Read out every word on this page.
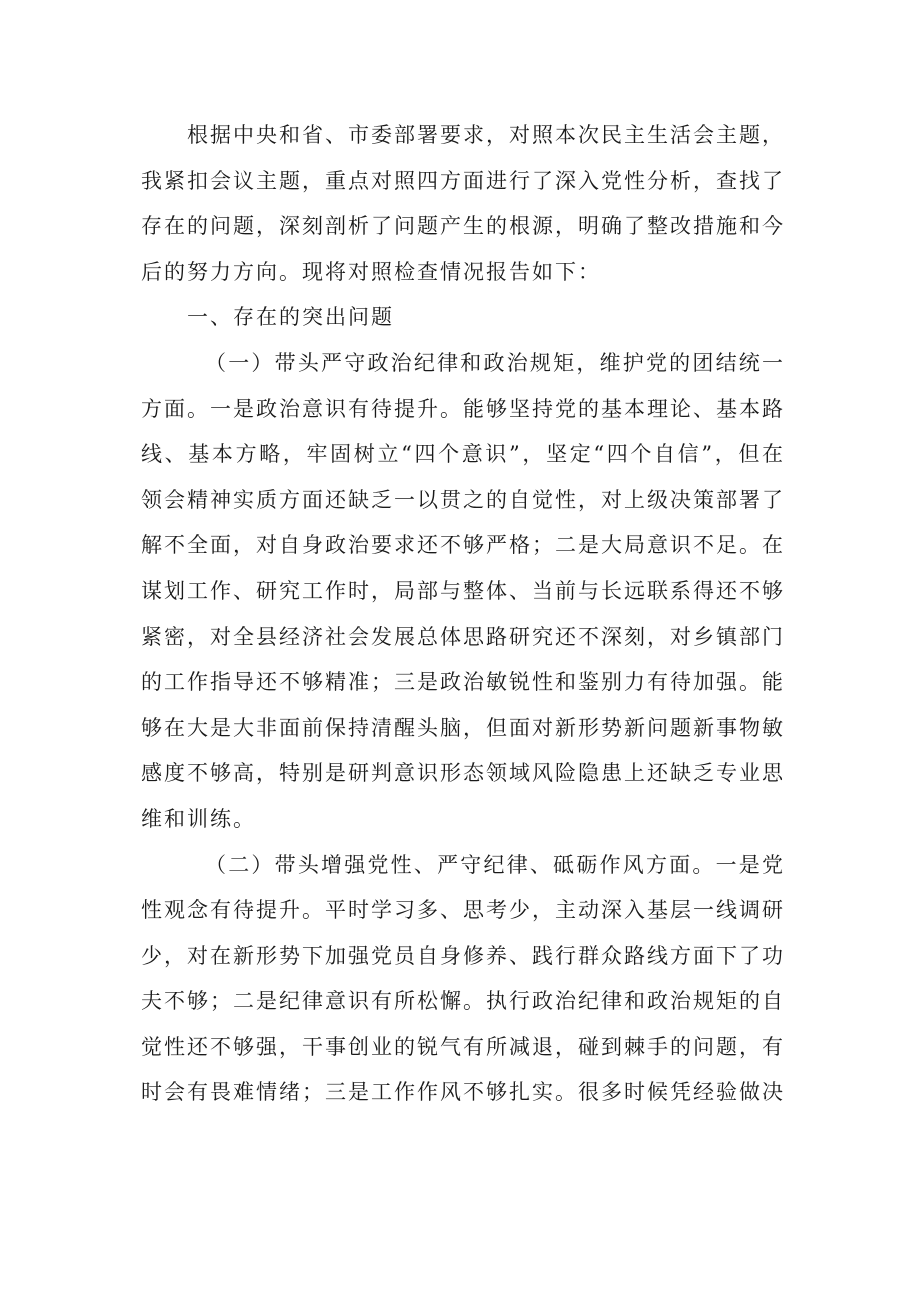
根据中央和省、市委部署要求，对照本次民主生活会主题，我紧扣会议主题，重点对照四方面进行了深入党性分析，查找了存在的问题，深刻剖析了问题产生的根源，明确了整改措施和今后的努力方向。现将对照检查情况报告如下：

一、存在的突出问题

（一）带头严守政治纪律和政治规矩，维护党的团结统一方面。一是政治意识有待提升。能够坚持党的基本理论、基本路线、基本方略，牢固树立“四个意识”，坚定“四个自信”，但在领会精神实质方面还缺乏一以贯之的自觉性，对上级决策部署了解不全面，对自身政治要求还不够严格；二是大局意识不足。在谋划工作、研究工作时，局部与整体、当前与长远联系得还不够紧密，对全县经济社会发展总体思路研究还不深刻，对乡镇部门的工作指导还不够精准；三是政治敏锐性和鉴别力有待加强。能够在大是大非面前保持清醒头脑，但面对新形势新问题新事物敏感度不够高，特别是研判意识形态领域风险隐患上还缺乏专业思维和训练。

（二）带头增强党性、严守纪律、砥砺作风方面。一是党性观念有待提升。平时学习多、思考少，主动深入基层一线调研少，对在新形势下加强党员自身修养、践行群众路线方面下了功夫不够；二是纪律意识有所松懈。执行政治纪律和政治规矩的自觉性还不够强，干事创业的锐气有所减退，碰到棘手的问题，有时会有畏难情绪；三是工作作风不够扎实。很多时候凭经验做决
